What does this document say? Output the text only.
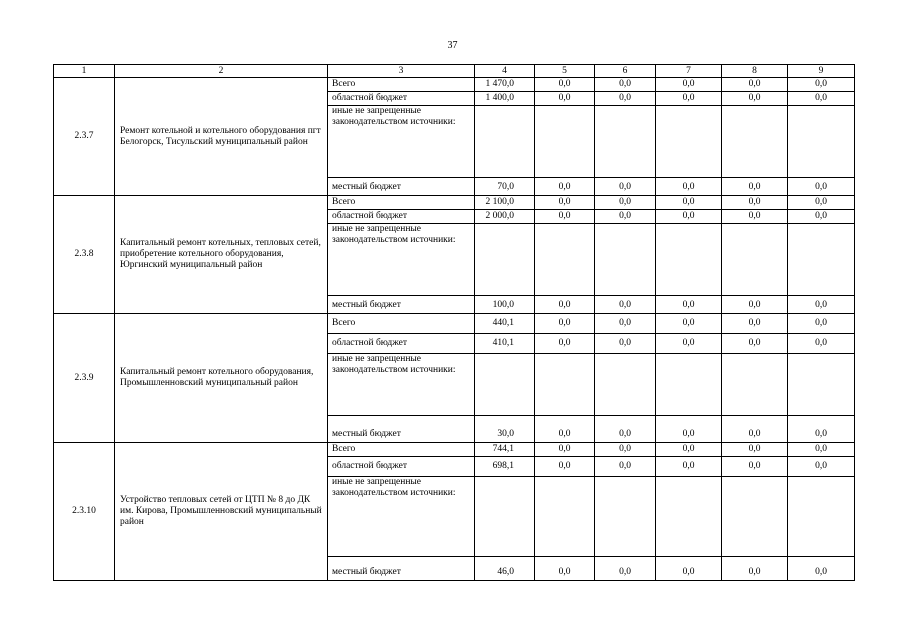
37
1	2	3	4	5	6	7	8	9
2.3.7	Ремонт котельной и котельного оборудования пгт Белогорск, Тисульский муниципальный район	Всего	1 470,0	0,0	0,0	0,0	0,0	0,0
		областной бюджет	1 400,0	0,0	0,0	0,0	0,0	0,0
		иные не запрещенные законодательством источники:						
		местный бюджет	70,0	0,0	0,0	0,0	0,0	0,0
2.3.8	Капитальный ремонт котельных, тепловых сетей, приобретение котельного оборудования, Юргинский муниципальный район	Всего	2 100,0	0,0	0,0	0,0	0,0	0,0
		областной бюджет	2 000,0	0,0	0,0	0,0	0,0	0,0
		иные не запрещенные законодательством источники:						
		местный бюджет	100,0	0,0	0,0	0,0	0,0	0,0
2.3.9	Капитальный ремонт котельного оборудования, Промышленновский муниципальный район	Всего	440,1	0,0	0,0	0,0	0,0	0,0
		областной бюджет	410,1	0,0	0,0	0,0	0,0	0,0
		иные не запрещенные законодательством источники:						
		местный бюджет	30,0	0,0	0,0	0,0	0,0	0,0
2.3.10	Устройство тепловых сетей от ЦТП № 8 до ДК им. Кирова, Промышленновский муниципальный район	Всего	744,1	0,0	0,0	0,0	0,0	0,0
		областной бюджет	698,1	0,0	0,0	0,0	0,0	0,0
		иные не запрещенные законодательством источники:						
		местный бюджет	46,0	0,0	0,0	0,0	0,0	0,0
